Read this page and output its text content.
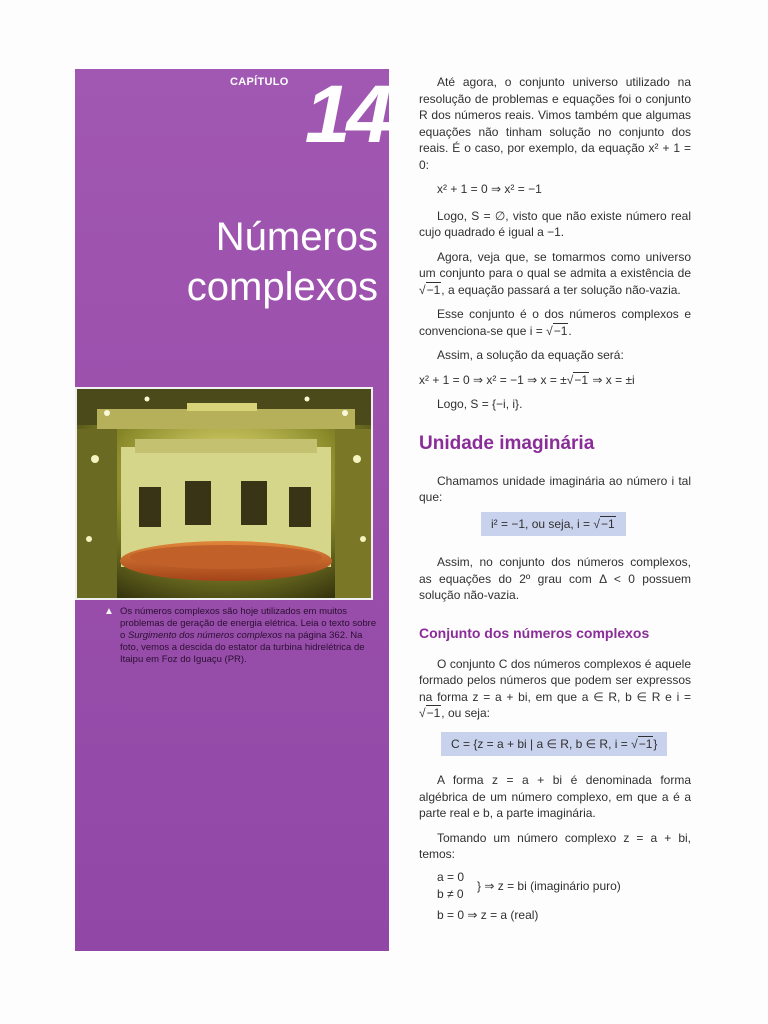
CAPÍTULO 14
Números
complexos
▲ Os números complexos são hoje utilizados em muitos problemas de geração de energia elétrica. Leia o texto sobre o Surgimento dos números complexos na página 362. Na foto, vemos a descida do estator da turbina hidrelétrica de Itaipu em Foz do Iguaçu (PR).

Até agora, o conjunto universo utilizado na resolução de problemas e equações foi o conjunto R dos números reais. Vimos também que algumas equações não tinham solução no conjunto dos reais. É o caso, por exemplo, da equação x² + 1 = 0:

x² + 1 = 0 ⇒ x² = −1

Logo, S = ∅, visto que não existe número real cujo quadrado é igual a −1.

Agora, veja que, se tomarmos como universo um conjunto para o qual se admita a existência de √−1, a equação passará a ter solução não-vazia.

Esse conjunto é o dos números complexos e convenciona-se que i = √−1.

Assim, a solução da equação será:

x² + 1 = 0 ⇒ x² = −1 ⇒ x = ±√−1 ⇒ x = ±i

Logo, S = {−i, i}.

Unidade imaginária

Chamamos unidade imaginária ao número i tal que:

i² = −1, ou seja, i = √−1

Assim, no conjunto dos números complexos, as equações do 2º grau com Δ < 0 possuem solução não-vazia.

Conjunto dos números complexos

O conjunto C dos números complexos é aquele formado pelos números que podem ser expressos na forma z = a + bi, em que a ∈ R, b ∈ R e i = √−1, ou seja:

C = {z = a + bi | a ∈ R, b ∈ R, i = √−1}

A forma z = a + bi é denominada forma algébrica de um número complexo, em que a é a parte real e b, a parte imaginária.

Tomando um número complexo z = a + bi, temos:

a = 0
b ≠ 0
} ⇒ z = bi (imaginário puro)

b = 0 ⇒ z = a (real)
